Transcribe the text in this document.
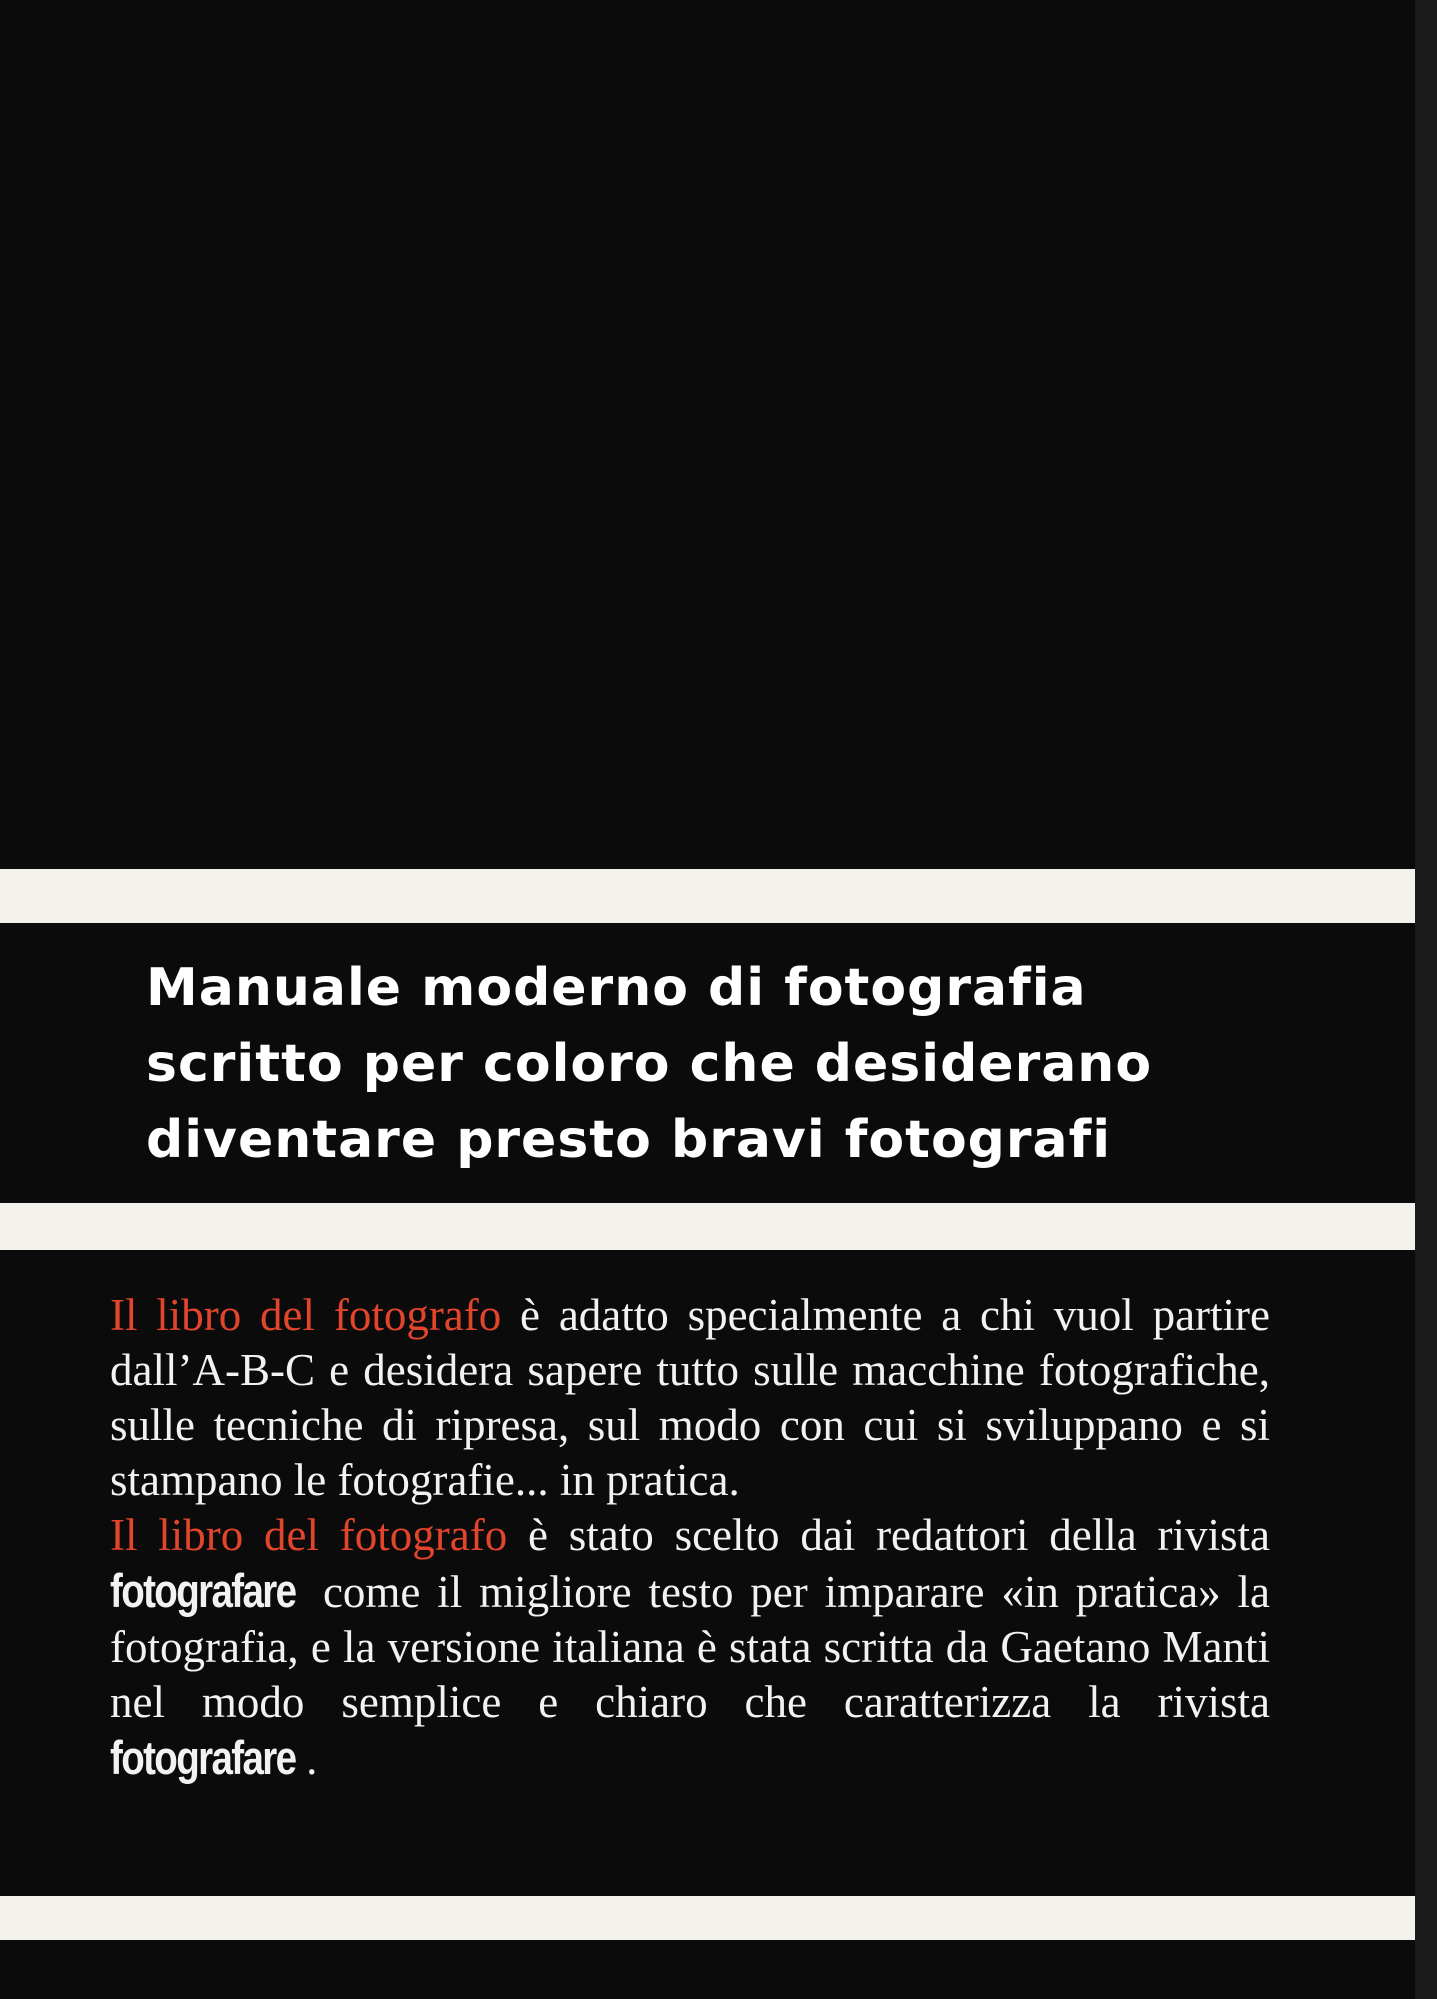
Manuale moderno di fotografia
scritto per coloro che desiderano
diventare presto bravi fotografi

Il libro del fotografo è adatto specialmente a chi vuol partire dall’A-B-C e desidera sapere tutto sulle macchine fotografiche, sulle tecniche di ripresa, sul modo con cui si sviluppano e si stampano le fotografie... in pratica.

Il libro del fotografo è stato scelto dai redattori della rivista fotografare come il migliore testo per imparare «in pratica» la fotografia, e la versione italiana è stata scritta da Gaetano Manti nel modo semplice e chiaro che caratterizza la rivista fotografare .
